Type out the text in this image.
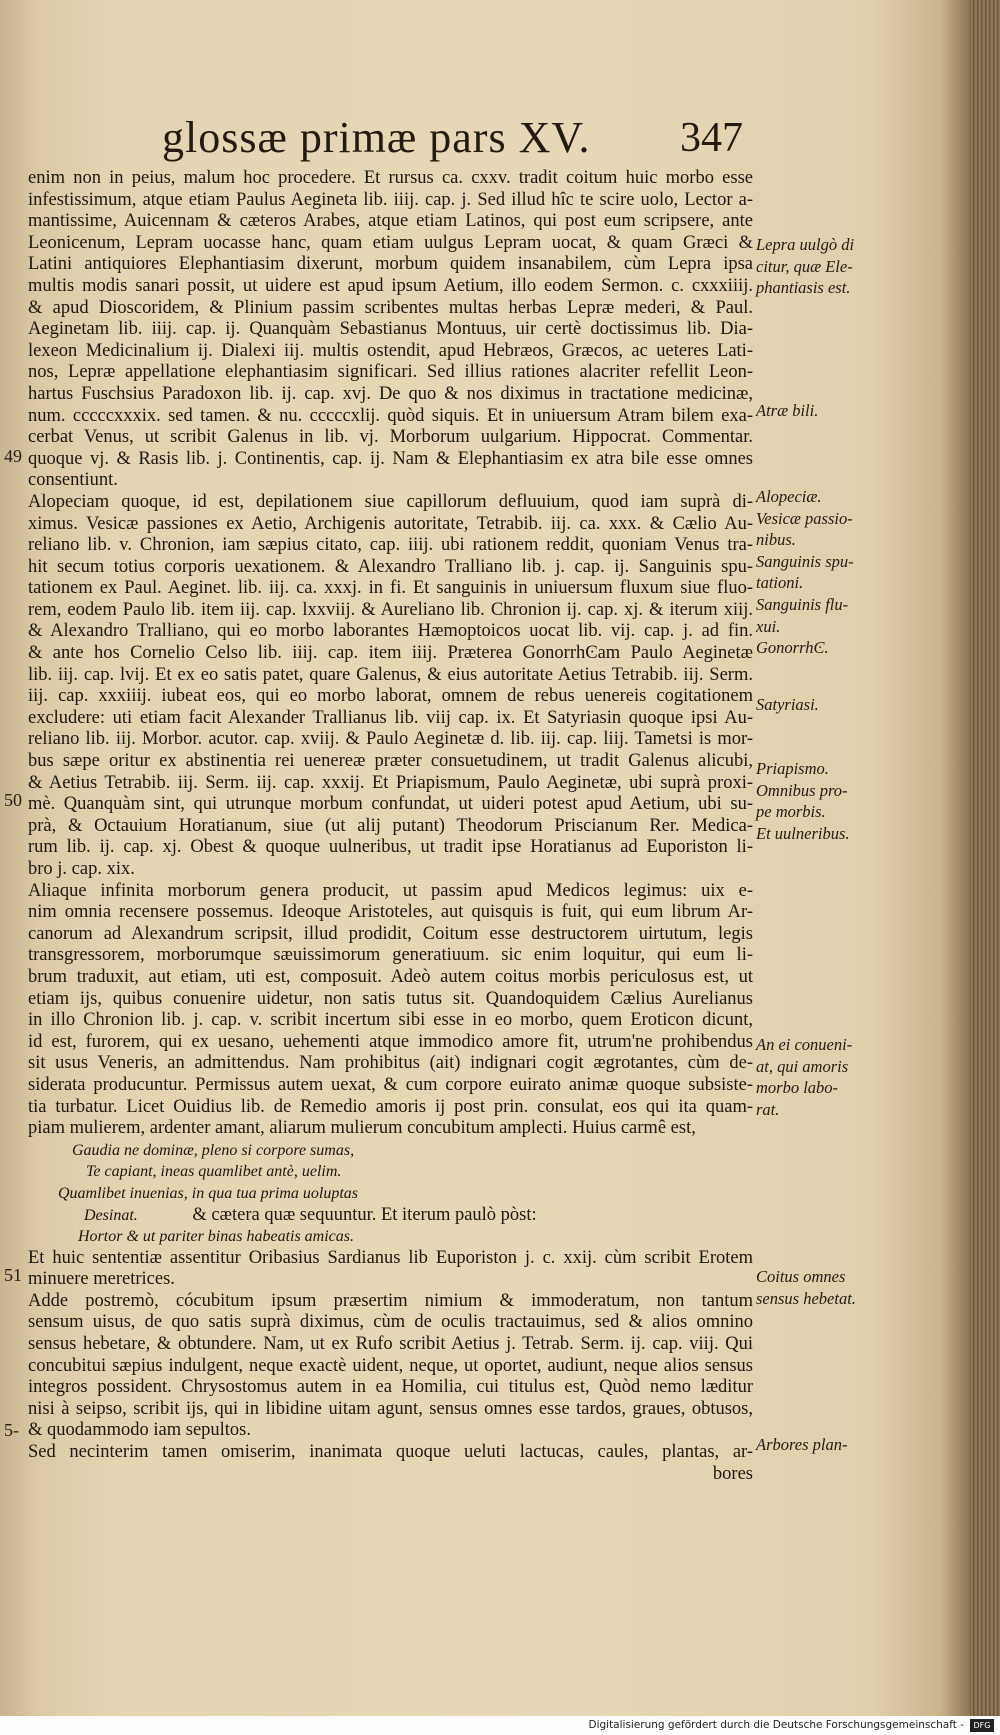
glossæ primæ pars XV. 347
enim non in peius, malum hoc procedere. Et rursus ca. cxxv. tradit coitum huic morbo esse
infestissimum, atque etiam Paulus Aegineta lib. iiij. cap. j. Sed illud hîc te scire uolo, Lector a-
mantissime, Auicennam & cæteros Arabes, atque etiam Latinos, qui post eum scripsere, ante
Leonicenum, Lepram uocasse hanc, quam etiam uulgus Lepram uocat, & quam Græci &
Latini antiquiores Elephantiasim dixerunt, morbum quidem insanabilem, cùm Lepra ipsa
multis modis sanari possit, ut uidere est apud ipsum Aetium, illo eodem Sermon. c. cxxxiiij.
& apud Dioscoridem, & Plinium passim scribentes multas herbas Lepræ mederi, & Paul.
Aeginetam lib. iiij. cap. ij. Quanquàm Sebastianus Montuus, uir certè doctissimus lib. Dia-
lexeon Medicinalium ij. Dialexi iij. multis ostendit, apud Hebræos, Græcos, ac ueteres Lati-
nos, Lepræ appellatione elephantiasim significari. Sed illius rationes alacriter refellit Leon-
hartus Fuschsius Paradoxon lib. ij. cap. xvj. De quo & nos diximus in tractatione medicinæ,
num. cccccxxxix. sed tamen. & nu. cccccxlij. quòd siquis. Et in uniuersum Atram bilem exa-
cerbat Venus, ut scribit Galenus in lib. vj. Morborum uulgarium. Hippocrat. Commentar.
quoque vj. & Rasis lib. j. Continentis, cap. ij. Nam & Elephantiasim ex atra bile esse omnes
consentiunt.
Alopeciam quoque, id est, depilationem siue capillorum defluuium, quod iam suprà di-
ximus. Vesicæ passiones ex Aetio, Archigenis autoritate, Tetrabib. iij. ca. xxx. & Cælio Au-
reliano lib. v. Chronion, iam sæpius citato, cap. iiij. ubi rationem reddit, quoniam Venus tra-
hit secum totius corporis uexationem. & Alexandro Tralliano lib. j. cap. ij. Sanguinis spu-
tationem ex Paul. Aeginet. lib. iij. ca. xxxj. in fi. Et sanguinis in uniuersum fluxum siue fluo-
rem, eodem Paulo lib. item iij. cap. lxxviij. & Aureliano lib. Chronion ij. cap. xj. & iterum xiij.
& Alexandro Tralliano, qui eo morbo laborantes Hæmoptoicos uocat lib. vij. cap. j. ad fin.
& ante hos Cornelio Celso lib. iiij. cap. item iiij. Præterea GonorrhϾam Paulo Aeginetæ
lib. iij. cap. lvij. Et ex eo satis patet, quare Galenus, & eius autoritate Aetius Tetrabib. iij. Serm.
iij. cap. xxxiiij. iubeat eos, qui eo morbo laborat, omnem de rebus uenereis cogitationem
excludere: uti etiam facit Alexander Trallianus lib. viij cap. ix. Et Satyriasin quoque ipsi Au-
reliano lib. iij. Morbor. acutor. cap. xviij. & Paulo Aeginetæ d. lib. iij. cap. liij. Tametsi is mor-
bus sæpe oritur ex abstinentia rei uenereæ præter consuetudinem, ut tradit Galenus alicubi,
& Aetius Tetrabib. iij. Serm. iij. cap. xxxij. Et Priapismum, Paulo Aeginetæ, ubi suprà proxi-
mè. Quanquàm sint, qui utrunque morbum confundat, ut uideri potest apud Aetium, ubi su-
prà, & Octauium Horatianum, siue (ut alij putant) Theodorum Priscianum Rer. Medica-
rum lib. ij. cap. xj. Obest & quoque uulneribus, ut tradit ipse Horatianus ad Euporiston li-
bro j. cap. xix.
Aliaque infinita morborum genera producit, ut passim apud Medicos legimus: uix e-
nim omnia recensere possemus. Ideoque Aristoteles, aut quisquis is fuit, qui eum librum Ar-
canorum ad Alexandrum scripsit, illud prodidit, Coitum esse destructorem uirtutum, legis
transgressorem, morborumque sæuissimorum generatiuum. sic enim loquitur, qui eum li-
brum traduxit, aut etiam, uti est, composuit. Adeò autem coitus morbis periculosus est, ut
etiam ijs, quibus conuenire uidetur, non satis tutus sit. Quandoquidem Cælius Aurelianus
in illo Chronion lib. j. cap. v. scribit incertum sibi esse in eo morbo, quem Eroticon dicunt,
id est, furorem, qui ex uesano, uehementi atque immodico amore fit, utrum'ne prohibendus
sit usus Veneris, an admittendus. Nam prohibitus (ait) indignari cogit ægrotantes, cùm de-
siderata producuntur. Permissus autem uexat, & cum corpore euirato animæ quoque subsiste-
tia turbatur. Licet Ouidius lib. de Remedio amoris ij post prin. consulat, eos qui ita quam-
piam mulierem, ardenter amant, aliarum mulierum concubitum amplecti. Huius carmê est,
Gaudia ne dominæ, pleno si corpore sumas,
Te capiant, ineas quamlibet antè, uelim.
Quamlibet inuenias, in qua tua prima uoluptas
Desinat.	& cætera quæ sequuntur. Et iterum paulò pòst:
Hortor & ut pariter binas habeatis amicas.
Et huic sententiæ assentitur Oribasius Sardianus lib Euporiston j. c. xxij. cùm scribit Erotem
minuere meretrices.
Adde postremò, cócubitum ipsum præsertim nimium & immoderatum, non tantum
sensum uisus, de quo satis suprà diximus, cùm de oculis tractauimus, sed & alios omnino
sensus hebetare, & obtundere. Nam, ut ex Rufo scribit Aetius j. Tetrab. Serm. ij. cap. viij. Qui
concubitui sæpius indulgent, neque exactè uident, neque, ut oportet, audiunt, neque alios sensus
integros possident. Chrysostomus autem in ea Homilia, cui titulus est, Quòd nemo læditur
nisi à seipso, scribit ijs, qui in libidine uitam agunt, sensus omnes esse tardos, graues, obtusos,
& quodammodo iam sepultos.
Sed necinterim tamen omiserim, inanimata quoque ueluti lactucas, caules, plantas, ar-
bores
49
50
51
5-
Lepra uulgò di
citur, quæ Ele-
phantiasis est.
Atræ bili.
Alopeciæ.
Vesicæ passio-
nibus.
Sanguinis spu-
tationi.
Sanguinis flu-
xui.
GonorrhϾ.
Satyriasi.
Priapismo.
Omnibus pro-
pe morbis.
Et uulneribus.
An ei conueni-
at, qui amoris
morbo labo-
rat.
Coitus omnes
sensus hebetat.
Arbores plan-
Digitalisierung gefördert durch die Deutsche Forschungsgemeinschaft -	DFG
